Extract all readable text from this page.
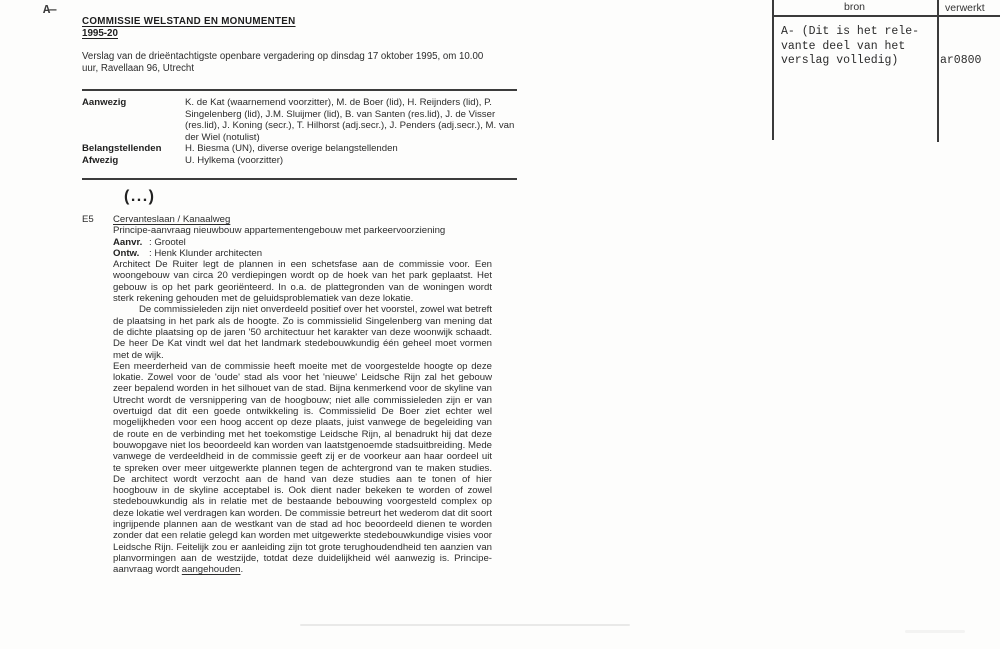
A—	bron	verwerkt
A- (Dit is het rele-
vante deel van het
verslag volledig)	ar0800
COMMISSIE WELSTAND EN MONUMENTEN
1995-20
Verslag van de drieëntachtigste openbare vergadering op dinsdag 17 oktober 1995, om 10.00 uur, Ravellaan 96, Utrecht
Aanwezig	K. de Kat (waarnemend voorzitter), M. de Boer (lid), H. Reijnders (lid), P. Singelenberg (lid), J.M. Sluijmer (lid), B. van Santen (res.lid), J. de Visser (res.lid), J. Koning (secr.), T. Hilhorst (adj.secr.), J. Penders (adj.secr.), M. van der Wiel (notulist)
Belangstellenden	H. Biesma (UN), diverse overige belangstellenden
Afwezig	U. Hylkema (voorzitter)
(...)
E5 Cervanteslaan / Kanaalweg
Principe-aanvraag nieuwbouw appartementengebouw met parkeervoorziening
Aanvr. : Grootel
Ontw. : Henk Klunder architecten
Architect De Ruiter legt de plannen in een schetsfase aan de commissie voor. Een woongebouw van circa 20 verdiepingen wordt op de hoek van het park geplaatst. Het gebouw is op het park georiënteerd. In o.a. de plattegronden van de woningen wordt sterk rekening gehouden met de geluidsproblematiek van deze lokatie.
De commissieleden zijn niet onverdeeld positief over het voorstel, zowel wat betreft de plaatsing in het park als de hoogte. Zo is commissielid Singelenberg van mening dat de dichte plaatsing op de jaren '50 architectuur het karakter van deze woonwijk schaadt. De heer De Kat vindt wel dat het landmark stedebouwkundig één geheel moet vormen met de wijk.
Een meerderheid van de commissie heeft moeite met de voorgestelde hoogte op deze lokatie. Zowel voor de 'oude' stad als voor het 'nieuwe' Leidsche Rijn zal het gebouw zeer bepalend worden in het silhouet van de stad. Bijna kenmerkend voor de skyline van Utrecht wordt de versnippering van de hoogbouw; niet alle commissieleden zijn er van overtuigd dat dit een goede ontwikkeling is. Commissielid De Boer ziet echter wel mogelijkheden voor een hoog accent op deze plaats, juist vanwege de begeleiding van de route en de verbinding met het toekomstige Leidsche Rijn, al benadrukt hij dat deze bouwopgave niet los beoordeeld kan worden van laatstgenoemde stadsuitbreiding. Mede vanwege de verdeeldheid in de commissie geeft zij er de voorkeur aan haar oordeel uit te spreken over meer uitgewerkte plannen tegen de achtergrond van te maken studies. De architect wordt verzocht aan de hand van deze studies aan te tonen of hier hoogbouw in de skyline acceptabel is. Ook dient nader bekeken te worden of zowel stedebouwkundig als in relatie met de bestaande bebouwing voorgesteld complex op deze lokatie wel verdragen kan worden. De commissie betreurt het wederom dat dit soort ingrijpende plannen aan de westkant van de stad ad hoc beoordeeld dienen te worden zonder dat een relatie gelegd kan worden met uitgewerkte stedebouwkundige visies voor Leidsche Rijn. Feitelijk zou er aanleiding zijn tot grote terughoudendheid ten aanzien van planvormingen aan de westzijde, totdat deze duidelijkheid wél aanwezig is. Principe-aanvraag wordt aangehouden.
